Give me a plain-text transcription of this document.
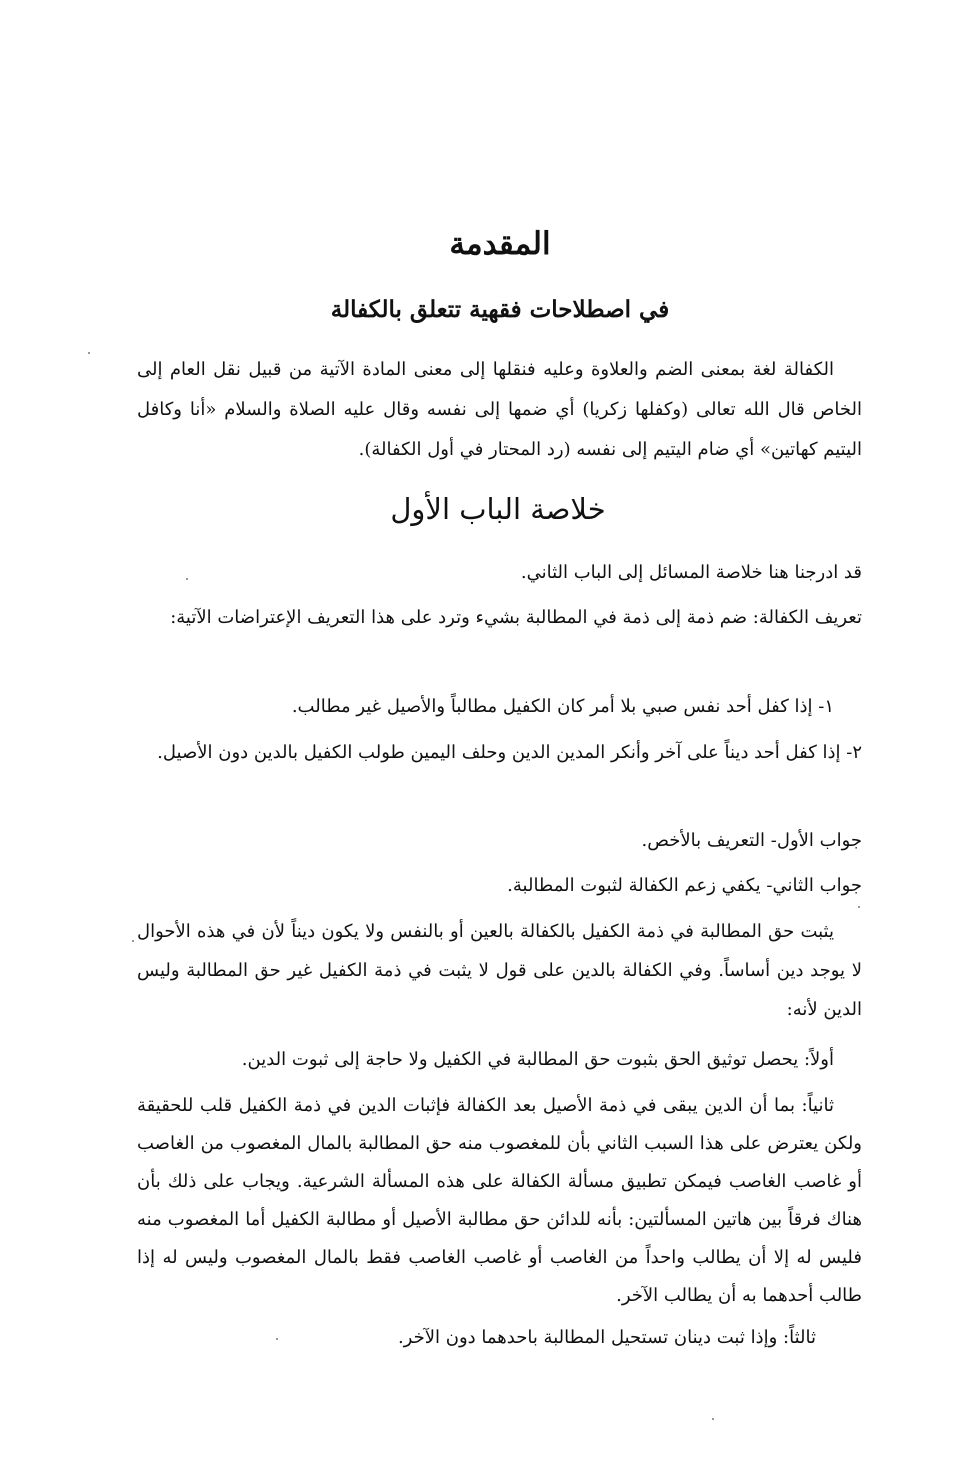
المقدمة
في اصطلاحات فقهية تتعلق بالكفالة

الكفالة لغة بمعنى الضم والعلاوة وعليه فنقلها إلى معنى المادة الآتية من قبيل نقل العام إلى الخاص قال الله تعالى (وكفلها زكريا) أي ضمها إلى نفسه وقال عليه الصلاة والسلام «أنا وكافل اليتيم كهاتين» أي ضام اليتيم إلى نفسه (رد المحتار في أول الكفالة).

خلاصة الباب الأول

قد ادرجنا هنا خلاصة المسائل إلى الباب الثاني.

تعريف الكفالة: ضم ذمة إلى ذمة في المطالبة بشيء وترد على هذا التعريف الإعتراضات الآتية:

١- إذا كفل أحد نفس صبي بلا أمر كان الكفيل مطالباً والأصيل غير مطالب.

٢- إذا كفل أحد ديناً على آخر وأنكر المدين الدين وحلف اليمين طولب الكفيل بالدين دون الأصيل.

جواب الأول- التعريف بالأخص.

جواب الثاني- يكفي زعم الكفالة لثبوت المطالبة.

يثبت حق المطالبة في ذمة الكفيل بالكفالة بالعين أو بالنفس ولا يكون ديناً لأن في هذه الأحوال لا يوجد دين أساساً. وفي الكفالة بالدين على قول لا يثبت في ذمة الكفيل غير حق المطالبة وليس الدين لأنه:

أولاً: يحصل توثيق الحق بثبوت حق المطالبة في الكفيل ولا حاجة إلى ثبوت الدين.

ثانياً: بما أن الدين يبقى في ذمة الأصيل بعد الكفالة فإثبات الدين في ذمة الكفيل قلب للحقيقة ولكن يعترض على هذا السبب الثاني بأن للمغصوب منه حق المطالبة بالمال المغصوب من الغاصب أو غاصب الغاصب فيمكن تطبيق مسألة الكفالة على هذه المسألة الشرعية. ويجاب على ذلك بأن هناك فرقاً بين هاتين المسألتين: بأنه للدائن حق مطالبة الأصيل أو مطالبة الكفيل أما المغصوب منه فليس له إلا أن يطالب واحداً من الغاصب أو غاصب الغاصب فقط بالمال المغصوب وليس له إذا طالب أحدهما به أن يطالب الآخر.

ثالثاً: وإذا ثبت دينان تستحيل المطالبة باحدهما دون الآخر.
